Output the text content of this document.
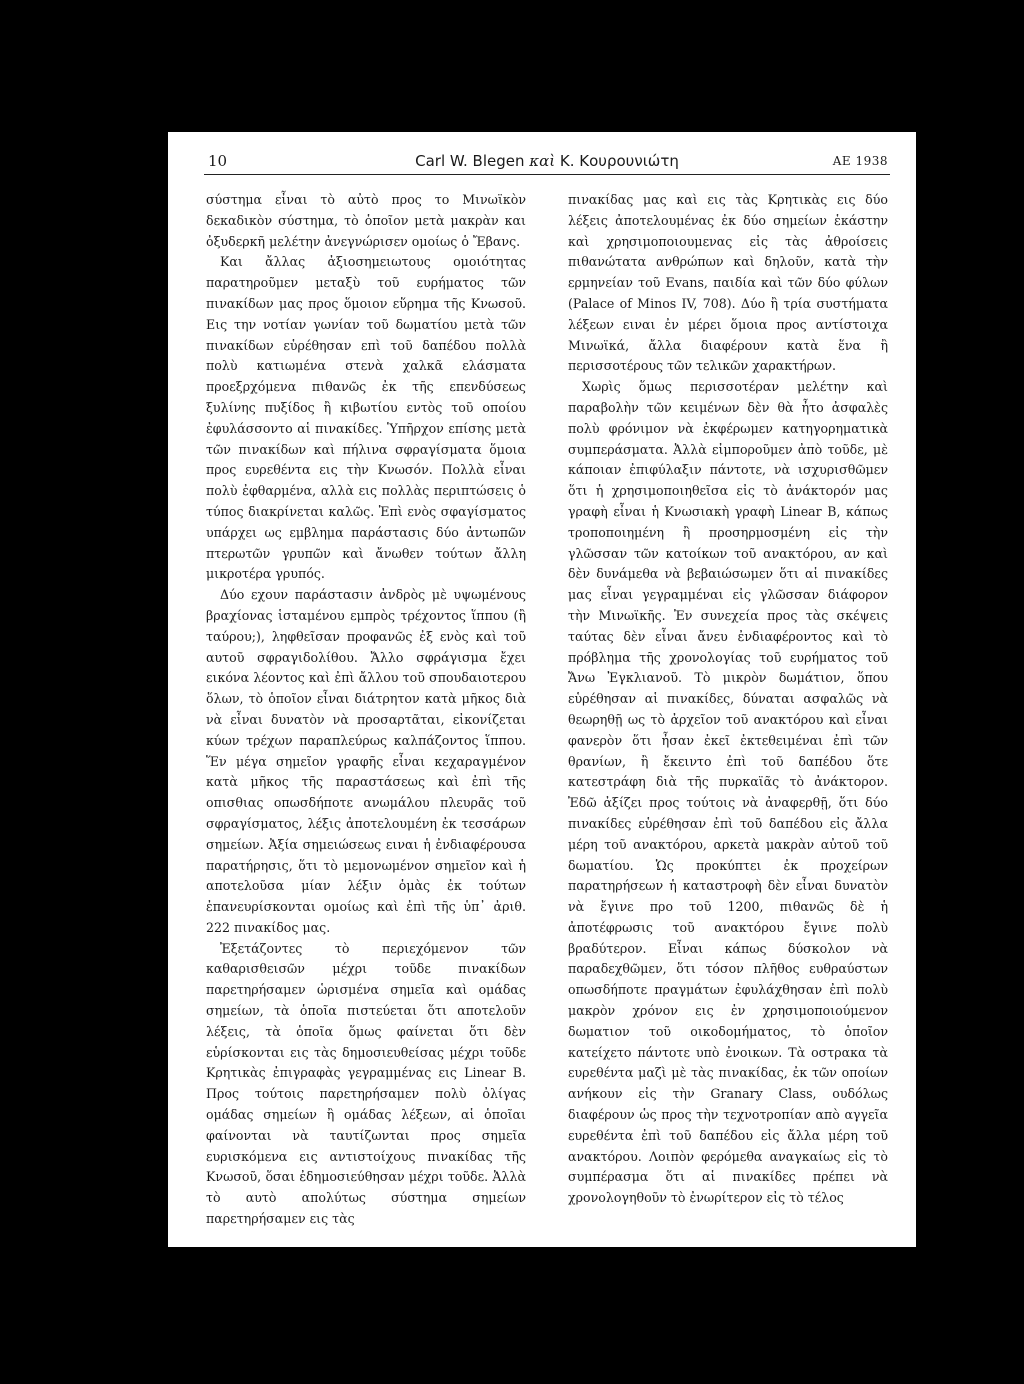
10	Carl W. Blegen καὶ K. Κουρουνιώτη	ΑΕ 1938

σύστημα εἶναι τὸ αὐτὸ προς το Μινωϊκὸν δεκαδικὸν σύστημα, τὸ ὁποῖον μετὰ μακρὰν και ὀξυδερκῆ μελέτην ἀνεγνώρισεν ομοίως ὁ Ἔβανς.

Και ἄλλας ἀξιοσημειωτους ομοιότητας παρατηροῦμεν μεταξὺ τοῦ ευρήματος τῶν πινακίδων μας προς ὅμοιον εὕρημα τῆς Κνωσοῦ. Εις την νοτίαν γωνίαν τοῦ δωματίου μετὰ τῶν πινακίδων εὑρέθησαν επὶ τοῦ δαπέδου πολλὰ πολὺ κατιωμένα στενὰ χαλκᾶ ελάσματα προεξρχόμενα πιθανῶς ἐκ τῆς επενδύσεως ξυλίνης πυξίδος ἢ κιβωτίου εντὸς τοῦ οποίου ἐφυλάσσοντο αἱ πινακίδες. Ὑπῆρχον επίσης μετὰ τῶν πινακίδων καὶ πήλινα σφραγίσματα ὅμοια προς ευρεθέντα εις τὴν Κνωσόν. Πολλὰ εἶναι πολὺ ἐφθαρμένα, αλλὰ εις πολλὰς περιπτώσεις ὁ τύπος διακρίνεται καλῶς. Ἐπὶ ενὸς σφαγίσματος υπάρχει ως εμβλημα παράστασις δύο ἀντωπῶν πτερωτῶν γρυπῶν καὶ ἄνωθεν τούτων ἄλλη μικροτέρα γρυπός.

Δύο εχουν παράστασιν ἀνδρὸς μὲ υψωμένους βραχίονας ἱσταμένου εμπρὸς τρέχοντος ἵππου (ἢ ταύρου;), ληφθεῖσαν προφανῶς ἐξ ενὸς καὶ τοῦ αυτοῦ σφραγιδολίθου. Ἄλλο σφράγισμα ἔχει εικόνα λέοντος καὶ ἐπὶ ἄλλου τοῦ σπουδαιοτερου ὅλων, τὸ ὁποῖον εἶναι διάτρητον κατὰ μῆκος διὰ νὰ εἶναι δυνατὸν νὰ προσαρτᾶται, εἰκονίζεται κύων τρέχων παραπλεύρως καλπάζοντος ἵππου. Ἕν μέγα σημεῖον γραφῆς εἶναι κεχαραγμένον κατὰ μῆκος τῆς παραστάσεως καὶ ἐπὶ τῆς οπισθιας οπωσδήποτε ανωμάλου πλευρᾶς τοῦ σφραγίσματος, λέξις ἀποτελουμένη ἐκ τεσσάρων σημείων. Ἀξία σημειώσεως ειναι ἡ ἐνδιαφέρουσα παρατήρησις, ὅτι τὸ μεμονωμένον σημεῖον καὶ ἡ αποτελοῦσα μίαν λέξιν ὁμὰς ἐκ τούτων ἐπανευρίσκονται ομοίως καὶ ἐπὶ τῆς ὑπ᾽ ἀριθ. 222 πινακίδος μας.

Ἐξετάζοντες τὸ περιεχόμενον τῶν καθαρισθεισῶν μέχρι τοῦδε πινακίδων παρετηρήσαμεν ὡρισμένα σημεῖα καὶ ομάδας σημείων, τὰ ὁποῖα πιστεύεται ὅτι αποτελοῦν λέξεις, τὰ ὁποῖα ὅμως φαίνεται ὅτι δὲν εὑρίσκονται εις τὰς δημοσιευθείσας μέχρι τοῦδε Κρητικὰς ἐπιγραφὰς γεγραμμένας εις Linear B. Προς τούτοις παρετηρήσαμεν πολὺ ὀλίγας ομάδας σημείων ἢ ομάδας λέξεων, αἱ ὁποῖαι φαίνονται νὰ ταυτίζωνται προς σημεῖα ευρισκόμενα εις αντιστοίχους πινακίδας τῆς Κνωσοῦ, ὅσαι ἐδημοσιεύθησαν μέχρι τοῦδε. Ἀλλὰ τὸ αυτὸ απολύτως σύστημα σημείων παρετηρήσαμεν εις τὰς

πινακίδας μας καὶ εις τὰς Κρητικὰς εις δύο λέξεις ἀποτελουμένας ἐκ δύο σημείων ἑκάστην καὶ χρησιμοποιουμενας εἰς τὰς ἀθροίσεις πιθανώτατα ανθρώπων καὶ δηλοῦν, κατὰ τὴν ερμηνείαν τοῦ Evans, παιδία καὶ τῶν δύο φύλων (Palace of Minos IV, 708). Δύο ἢ τρία συστήματα λέξεων ειναι ἐν μέρει ὅμοια προς αντίστοιχα Μινωϊκά, ἄλλα διαφέρουν κατὰ ἕνα ἢ περισσοτέρους τῶν τελικῶν χαρακτήρων.

Χωρὶς ὅμως περισσοτέραν μελέτην καὶ παραβολὴν τῶν κειμένων δὲν θὰ ἦτο ἀσφαλὲς πολὺ φρόνιμον νὰ ἐκφέρωμεν κατηγορηματικὰ συμπεράσματα. Ἀλλὰ εἰμποροῦμεν ἀπὸ τοῦδε, μὲ κάποιαν ἐπιφύλαξιν πάντοτε, νὰ ισχυρισθῶμεν ὅτι ἡ χρησιμοποιηθεῖσα εἰς τὸ ἀνάκτορόν μας γραφὴ εἶναι ἡ Κνωσιακὴ γραφὴ Linear B, κάπως τροποποιημένη ἢ προσηρμοσμένη εἰς τὴν γλῶσσαν τῶν κατοίκων τοῦ ανακτόρου, αν καὶ δὲν δυνάμεθα νὰ βεβαιώσωμεν ὅτι αἱ πινακίδες μας εἶναι γεγραμμέναι εἰς γλῶσσαν διάφορον τὴν Μινωϊκῆς. Ἐν συνεχεία προς τὰς σκέψεις ταύτας δὲν εἶναι ἄνευ ἐνδιαφέροντος καὶ τὸ πρόβλημα τῆς χρονολογίας τοῦ ευρήματος τοῦ Ἄνω Ἐγκλιανοῦ. Τὸ μικρὸν δωμάτιον, ὅπου εὑρέθησαν αἱ πινακίδες, δύναται ασφαλῶς νὰ θεωρηθῇ ως τὸ ἀρχεῖον τοῦ ανακτόρου καὶ εἶναι φανερὸν ὅτι ἦσαν ἐκεῖ ἐκτεθειμέναι ἐπὶ τῶν θρανίων, ἢ ἔκειντο ἐπὶ τοῦ δαπέδου ὅτε κατεστράφη διὰ τῆς πυρκαϊᾶς τὸ ἀνάκτορον. Ἐδῶ ἀξίζει προς τούτοις νὰ ἀναφερθῇ, ὅτι δύο πινακίδες εὑρέθησαν ἐπὶ τοῦ δαπέδου εἰς ἄλλα μέρη τοῦ ανακτόρου, αρκετὰ μακρὰν αὐτοῦ τοῦ δωματίου. Ὡς προκύπτει ἐκ προχείρων παρατηρήσεων ἡ καταστροφὴ δὲν εἶναι δυνατὸν νὰ ἔγινε προ τοῦ 1200, πιθανῶς δὲ ἡ ἀποτέφρωσις τοῦ ανακτόρου ἔγινε πολὺ βραδύτερον. Εἶναι κάπως δύσκολον νὰ παραδεχθῶμεν, ὅτι τόσον πλῆθος ευθραύστων οπωσδήποτε πραγμάτων ἐφυλάχθησαν ἐπὶ πολὺ μακρὸν χρόνον εις ἐν χρησιμοποιούμενον δωματιον τοῦ οικοδομήματος, τὸ ὁποῖον κατείχετο πάντοτε υπὸ ἐνοικων. Τὰ οστρακα τὰ ευρεθέντα μαζὶ μὲ τὰς πινακίδας, ἐκ τῶν οποίων ανήκουν εἰς τὴν Granary Class, ουδόλως διαφέρουν ὡς προς τὴν τεχνοτροπίαν απὸ αγγεῖα ευρεθέντα ἐπὶ τοῦ δαπέδου εἰς ἄλλα μέρη τοῦ ανακτόρου. Λοιπὸν φερόμεθα αναγκαίως εἰς τὸ συμπέρασμα ὅτι αἱ πινακίδες πρέπει νὰ χρονολογηθοῦν τὸ ἐνωρίτερον εἰς τὸ τέλος
